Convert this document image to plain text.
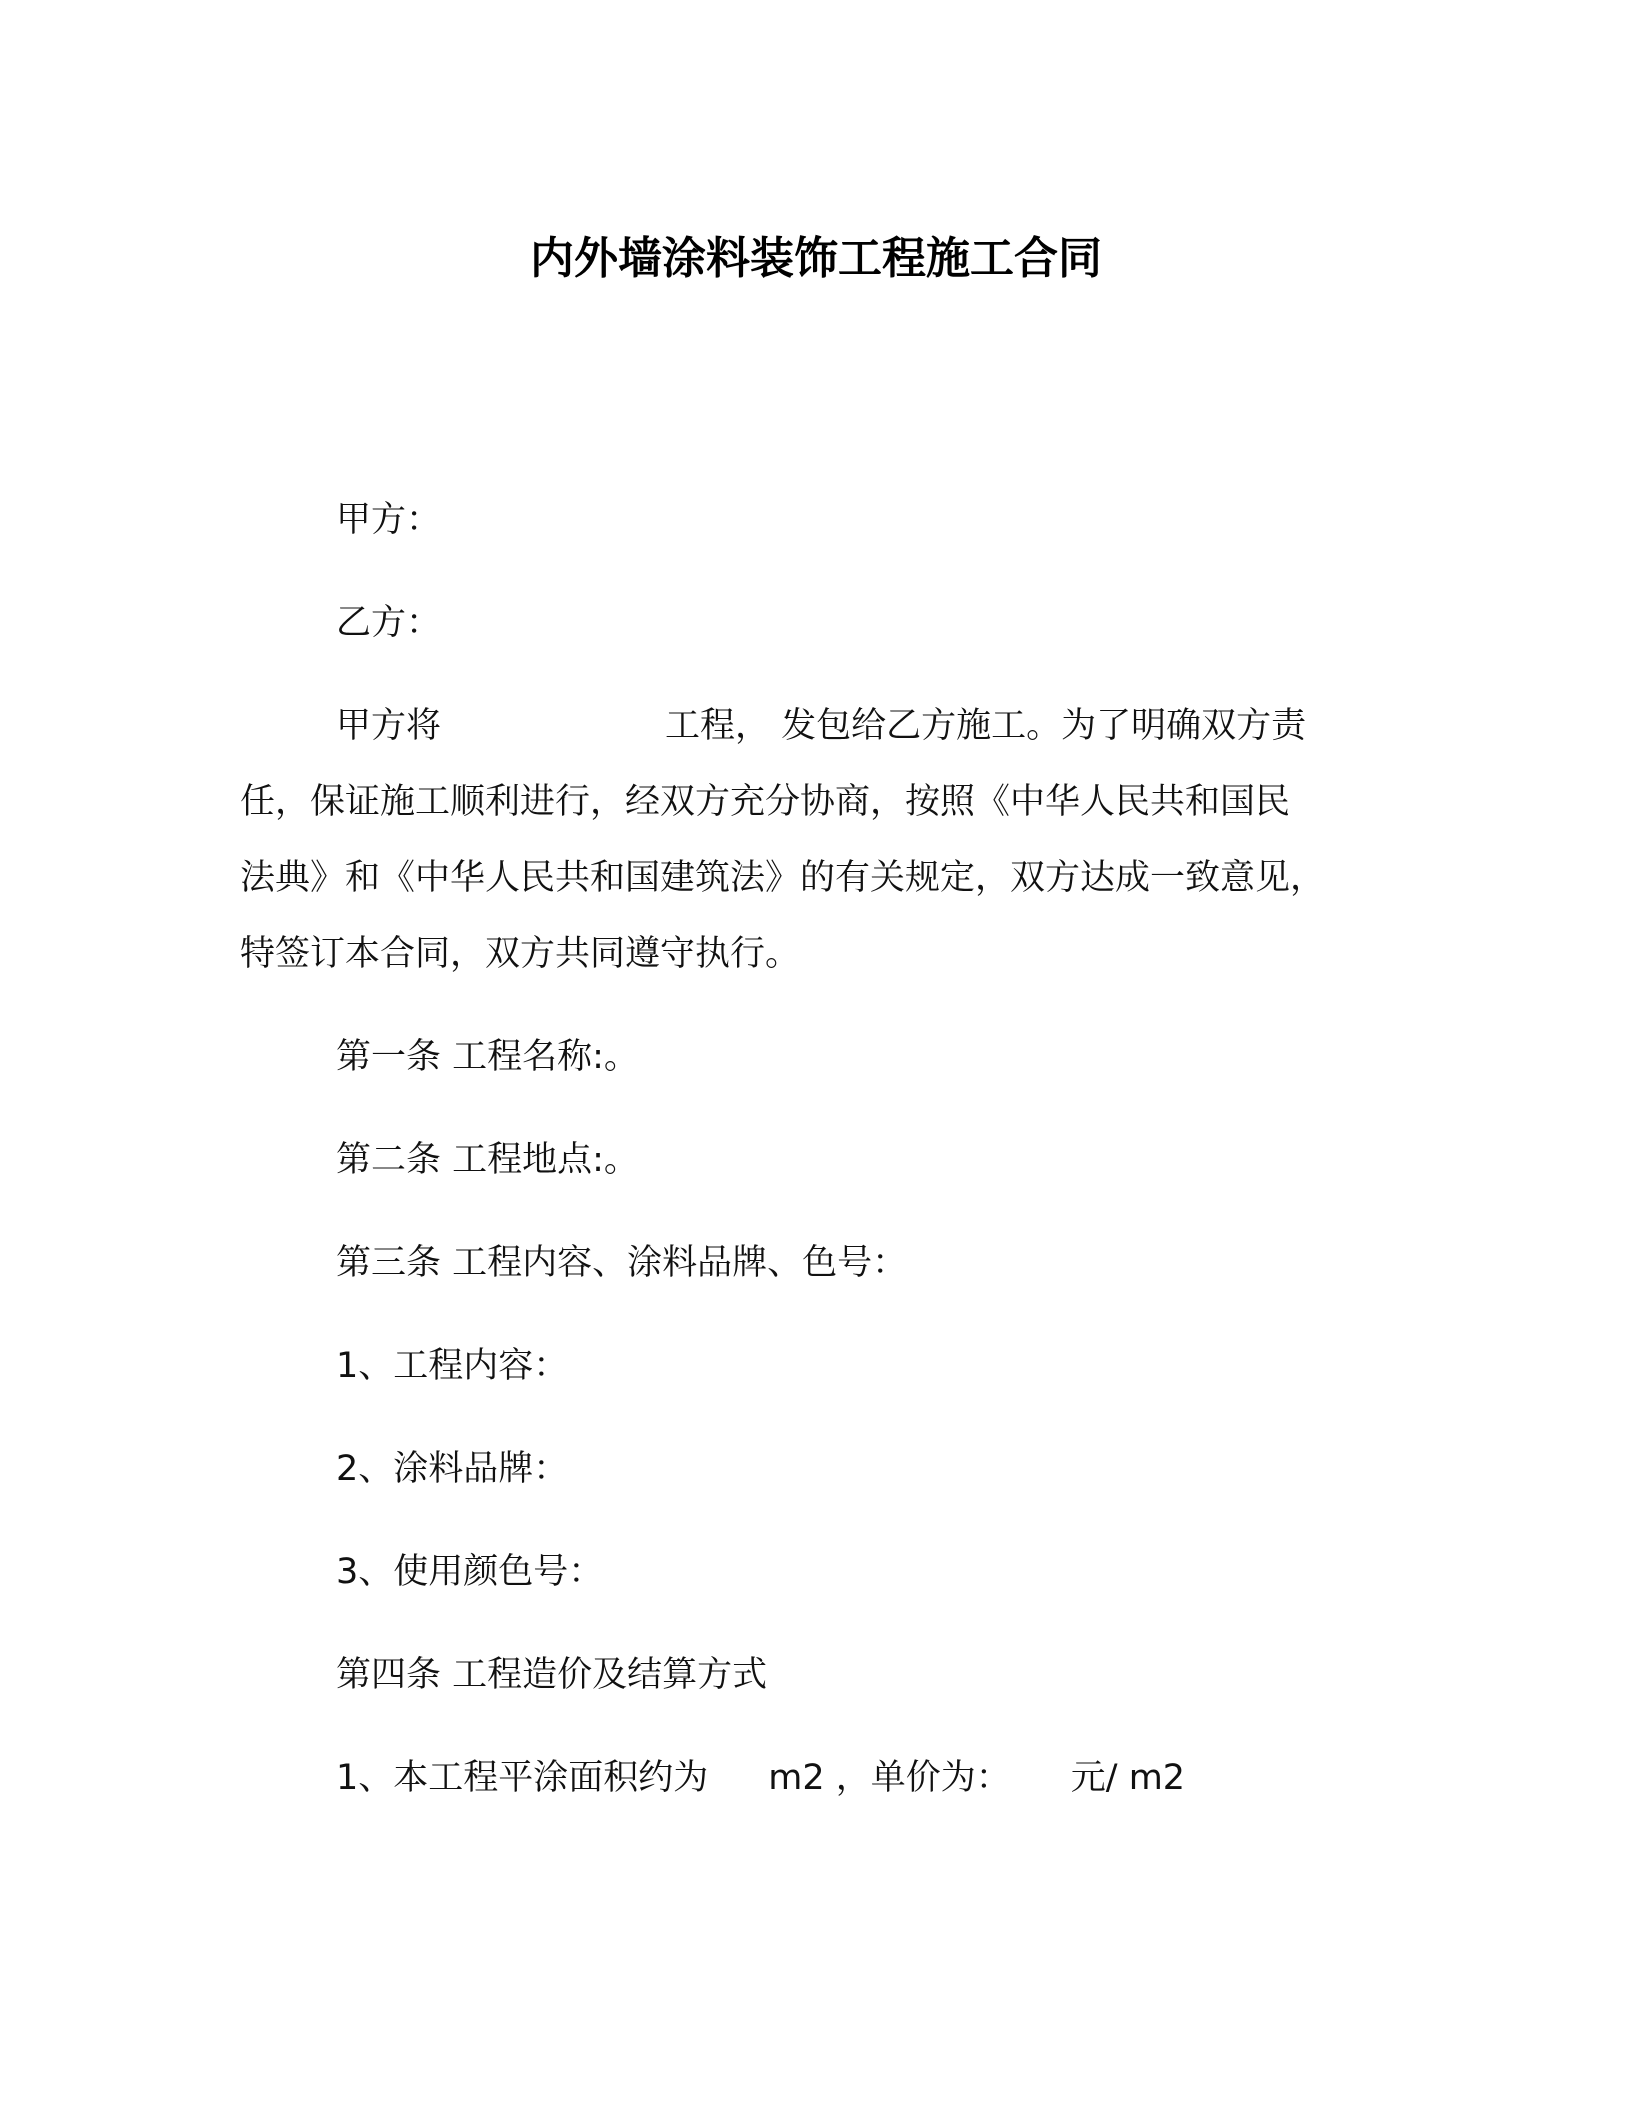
内外墙涂料装饰工程施工合同
甲方：
乙方：
甲方将	工程， 发包给乙方施工。为了明确双方责
任，保证施工顺利进行，经双方充分协商，按照《中华人民共和国民
法典》和《中华人民共和国建筑法》的有关规定，双方达成一致意见，
特签订本合同，双方共同遵守执行。
第一条 工程名称:。
第二条 工程地点:。
第三条 工程内容、涂料品牌、色号：
1、工程内容：
2、涂料品牌：
3、使用颜色号：
第四条 工程造价及结算方式
1、本工程平涂面积约为 m2 ，单价为： 元/ m2
